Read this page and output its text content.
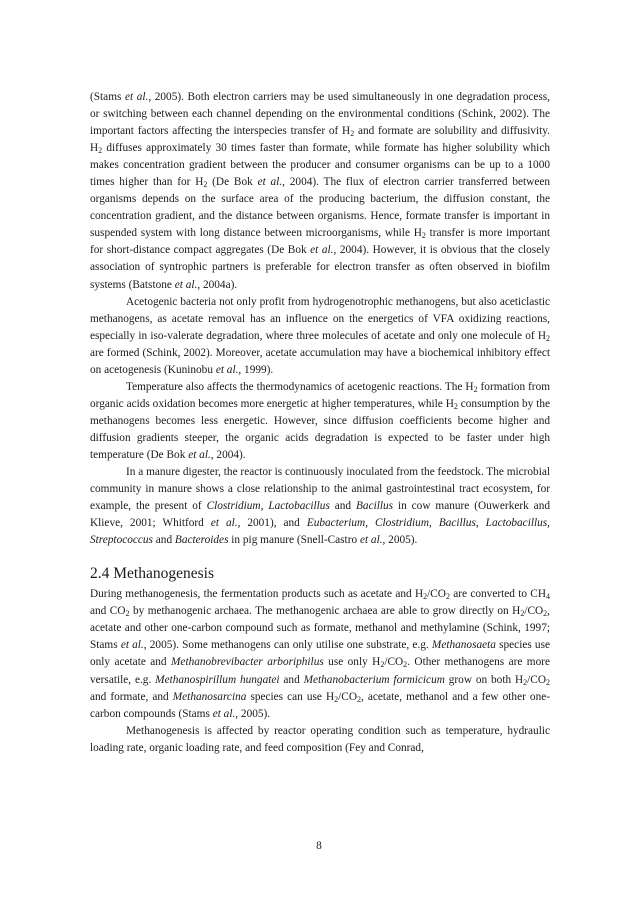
(Stams et al., 2005). Both electron carriers may be used simultaneously in one degradation process, or switching between each channel depending on the environmental conditions (Schink, 2002). The important factors affecting the interspecies transfer of $H_2$ and formate are solubility and diffusivity. $H_2$ diffuses approximately 30 times faster than formate, while formate has higher solubility which makes concentration gradient between the producer and consumer organisms can be up to a 1000 times higher than for $H_2$ (De Bok et al., 2004). The flux of electron carrier transferred between organisms depends on the surface area of the producing bacterium, the diffusion constant, the concentration gradient, and the distance between organisms. Hence, formate transfer is important in suspended system with long distance between microorganisms, while $H_2$ transfer is more important for short-distance compact aggregates (De Bok et al., 2004). However, it is obvious that the closely association of syntrophic partners is preferable for electron transfer as often observed in biofilm systems (Batstone et al., 2004a).

Acetogenic bacteria not only profit from hydrogenotrophic methanogens, but also aceticlastic methanogens, as acetate removal has an influence on the energetics of VFA oxidizing reactions, especially in iso-valerate degradation, where three molecules of acetate and only one molecule of $H_2$ are formed (Schink, 2002). Moreover, acetate accumulation may have a biochemical inhibitory effect on acetogenesis (Kuninobu et al., 1999).

Temperature also affects the thermodynamics of acetogenic reactions. The $H_2$ formation from organic acids oxidation becomes more energetic at higher temperatures, while $H_2$ consumption by the methanogens becomes less energetic. However, since diffusion coefficients become higher and diffusion gradients steeper, the organic acids degradation is expected to be faster under high temperature (De Bok et al., 2004).

In a manure digester, the reactor is continuously inoculated from the feedstock. The microbial community in manure shows a close relationship to the animal gastrointestinal tract ecosystem, for example, the present of Clostridium, Lactobacillus and Bacillus in cow manure (Ouwerkerk and Klieve, 2001; Whitford et al., 2001), and Eubacterium, Clostridium, Bacillus, Lactobacillus, Streptococcus and Bacteroides in pig manure (Snell-Castro et al., 2005).

2.4 Methanogenesis

During methanogenesis, the fermentation products such as acetate and $H_2/CO_2$ are converted to $CH_4$ and $CO_2$ by methanogenic archaea. The methanogenic archaea are able to grow directly on $H_2/CO_2$, acetate and other one-carbon compound such as formate, methanol and methylamine (Schink, 1997; Stams et al., 2005). Some methanogens can only utilise one substrate, e.g. Methanosaeta species use only acetate and Methanobrevibacter arboriphilus use only $H_2/CO_2$. Other methanogens are more versatile, e.g. Methanospirillum hungatei and Methanobacterium formicicum grow on both $H_2/CO_2$ and formate, and Methanosarcina species can use $H_2/CO_2$, acetate, methanol and a few other one-carbon compounds (Stams et al., 2005).

Methanogenesis is affected by reactor operating condition such as temperature, hydraulic loading rate, organic loading rate, and feed composition (Fey and Conrad,

8
